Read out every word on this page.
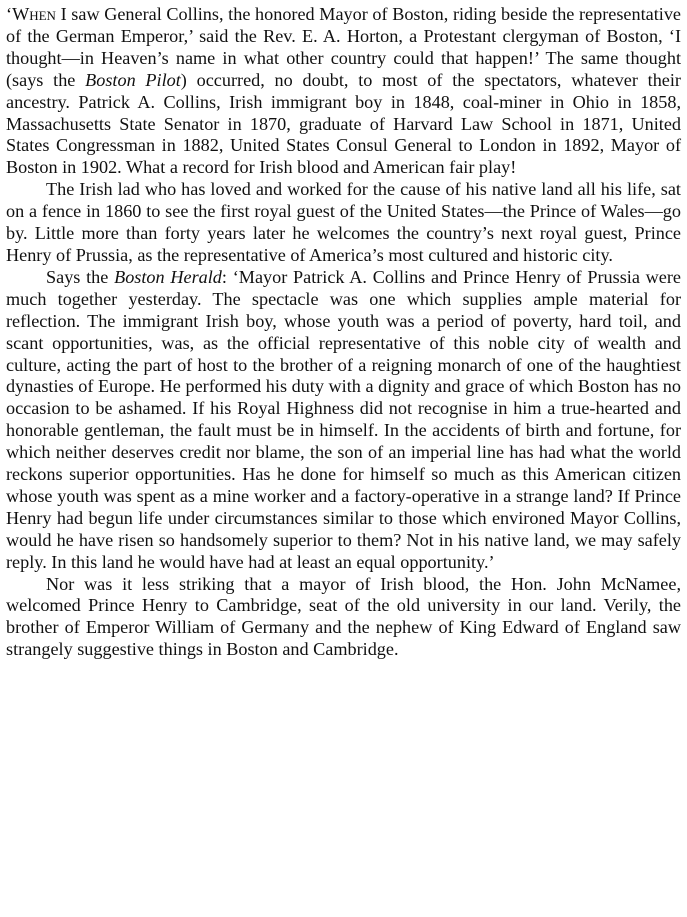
‘When I saw General Collins, the honored Mayor of Boston, riding beside the representative of the German Emperor,’ said the Rev. E. A. Horton, a Protestant clergyman of Boston, ‘I thought—in Heaven’s name in what other country could that happen!’ The same thought (says the Boston Pilot) occurred, no doubt, to most of the spectators, whatever their ancestry. Patrick A. Collins, Irish immigrant boy in 1848, coal-miner in Ohio in 1858, Massachusetts State Senator in 1870, graduate of Harvard Law School in 1871, United States Congressman in 1882, United States Consul General to London in 1892, Mayor of Boston in 1902. What a record for Irish blood and American fair play!

The Irish lad who has loved and worked for the cause of his native land all his life, sat on a fence in 1860 to see the first royal guest of the United States—the Prince of Wales—go by. Little more than forty years later he welcomes the country’s next royal guest, Prince Henry of Prussia, as the representative of America’s most cultured and historic city.

Says the Boston Herald: ‘Mayor Patrick A. Collins and Prince Henry of Prussia were much together yesterday. The spectacle was one which supplies ample material for reflection. The immigrant Irish boy, whose youth was a period of poverty, hard toil, and scant opportunities, was, as the official representative of this noble city of wealth and culture, acting the part of host to the brother of a reigning monarch of one of the haughtiest dynasties of Europe. He performed his duty with a dignity and grace of which Boston has no occasion to be ashamed. If his Royal Highness did not recognise in him a true-hearted and honorable gentleman, the fault must be in himself. In the accidents of birth and fortune, for which neither deserves credit nor blame, the son of an imperial line has had what the world reckons superior opportunities. Has he done for himself so much as this American citizen whose youth was spent as a mine worker and a factory-operative in a strange land? If Prince Henry had begun life under circumstances similar to those which environed Mayor Collins, would he have risen so handsomely superior to them? Not in his native land, we may safely reply. In this land he would have had at least an equal opportunity.’

Nor was it less striking that a mayor of Irish blood, the Hon. John McNamee, welcomed Prince Henry to Cambridge, seat of the old university in our land. Verily, the brother of Emperor William of Germany and the nephew of King Edward of England saw strangely suggestive things in Boston and Cambridge.
